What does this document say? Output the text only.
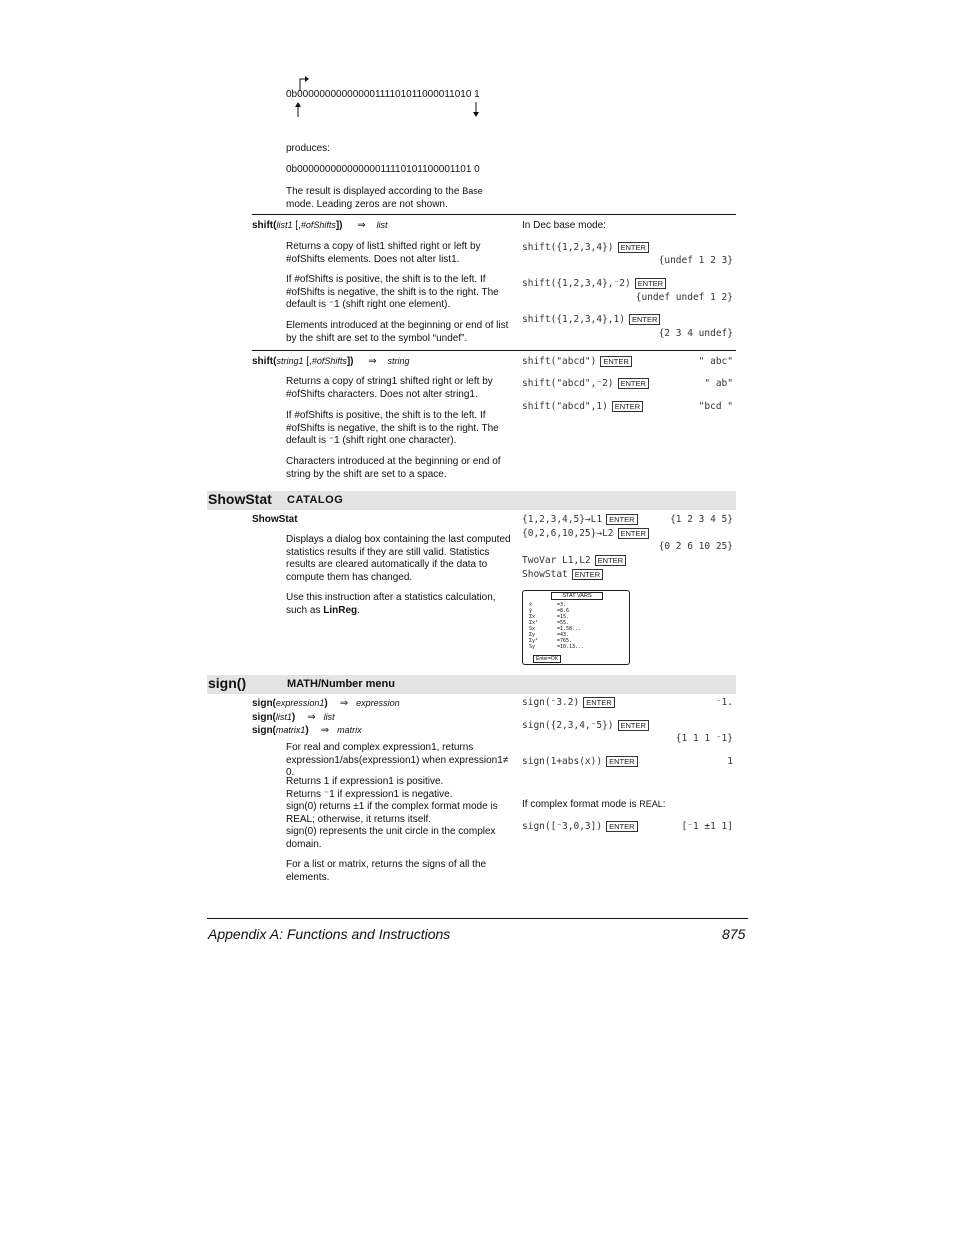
0b00000000000000111101011000011010 1
produces:
0b00000000000000011110101100001101 0
The result is displayed according to the Base
mode. Leading zeros are not shown.
shift(list1 [,#ofShifts]) ⇒ list
Returns a copy of list1 shifted right or left by #ofShifts elements. Does not alter list1.
If #ofShifts is positive, the shift is to the left. If #ofShifts is negative, the shift is to the right. The default is ⁻1 (shift right one element).
Elements introduced at the beginning or end of list by the shift are set to the symbol “undef”.
In Dec base mode:
shift({1,2,3,4}) ENTER
{undef 1 2 3}
shift({1,2,3,4},⁻2) ENTER
{undef undef 1 2}
shift({1,2,3,4},1) ENTER
{2 3 4 undef}
shift(string1 [,#ofShifts]) ⇒ string
Returns a copy of string1 shifted right or left by #ofShifts characters. Does not alter string1.
If #ofShifts is positive, the shift is to the left. If #ofShifts is negative, the shift is to the right. The default is ⁻1 (shift right one character).
Characters introduced at the beginning or end of string by the shift are set to a space.
shift("abcd") ENTER	" abc"
shift("abcd",⁻2) ENTER	" ab"
shift("abcd",1) ENTER	"bcd "
ShowStat CATALOG
ShowStat
Displays a dialog box containing the last computed statistics results if they are still valid. Statistics results are cleared automatically if the data to compute them has changed.
Use this instruction after a statistics calculation, such as LinReg.
{1,2,3,4,5}→L1 ENTER	{1 2 3 4 5}
{0,2,6,10,25}→L2 ENTER
{0 2 6 10 25}
TwoVar L1,L2 ENTER
ShowStat ENTER
STAT VARS
x̄	=3.
ȳ	=8.6
Σx	=15.
Σx²	=55.
Sx	=1.58...
Σy	=43.
Σy²	=765.
Sy	=10.13...
Enter=OK
sign()	MATH/Number menu
sign(expression1) ⇒ expression
sign(list1) ⇒ list
sign(matrix1) ⇒ matrix
For real and complex expression1, returns expression1/abs(expression1) when expression1≠ 0.
Returns 1 if expression1 is positive.
Returns ⁻1 if expression1 is negative.
sign(0) returns ±1 if the complex format mode is REAL; otherwise, it returns itself.
sign(0) represents the unit circle in the complex domain.
For a list or matrix, returns the signs of all the elements.
sign(⁻3.2) ENTER	⁻1.
sign({2,3,4,⁻5}) ENTER
{1 1 1 ⁻1}
sign(1+abs(x)) ENTER	1
If complex format mode is REAL:
sign([⁻3,0,3]) ENTER	[⁻1 ±1 1]
Appendix A: Functions and Instructions	875
